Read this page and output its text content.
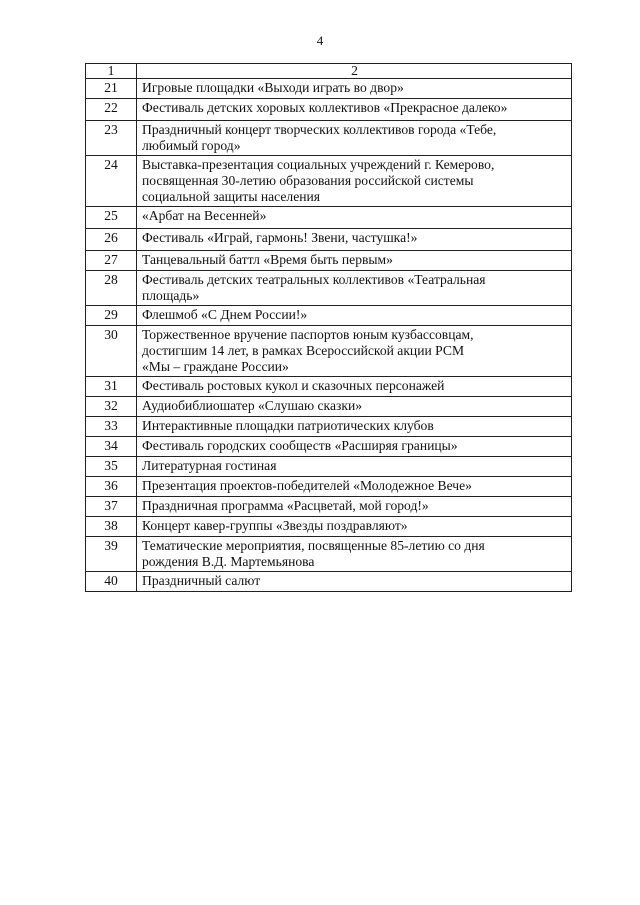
4
1	2
21	Игровые площадки «Выходи играть во двор»
22	Фестиваль детских хоровых коллективов «Прекрасное далеко»
23	Праздничный концерт творческих коллективов города «Тебе,
любимый город»
24	Выставка-презентация социальных учреждений г. Кемерово,
посвященная 30-летию образования российской системы
социальной защиты населения
25	«Арбат на Весенней»
26	Фестиваль «Играй, гармонь! Звени, частушка!»
27	Танцевальный баттл «Время быть первым»
28	Фестиваль детских театральных коллективов «Театральная
площадь»
29	Флешмоб «С Днем России!»
30	Торжественное вручение паспортов юным кузбассовцам,
достигшим 14 лет, в рамках Всероссийской акции РСМ
«Мы – граждане России»
31	Фестиваль ростовых кукол и сказочных персонажей
32	Аудиобиблиошатер «Слушаю сказки»
33	Интерактивные площадки патриотических клубов
34	Фестиваль городских сообществ «Расширяя границы»
35	Литературная гостиная
36	Презентация проектов-победителей «Молодежное Вече»
37	Праздничная программа «Расцветай, мой город!»
38	Концерт кавер-группы «Звезды поздравляют»
39	Тематические мероприятия, посвященные 85-летию со дня
рождения В.Д. Мартемьянова
40	Праздничный салют
